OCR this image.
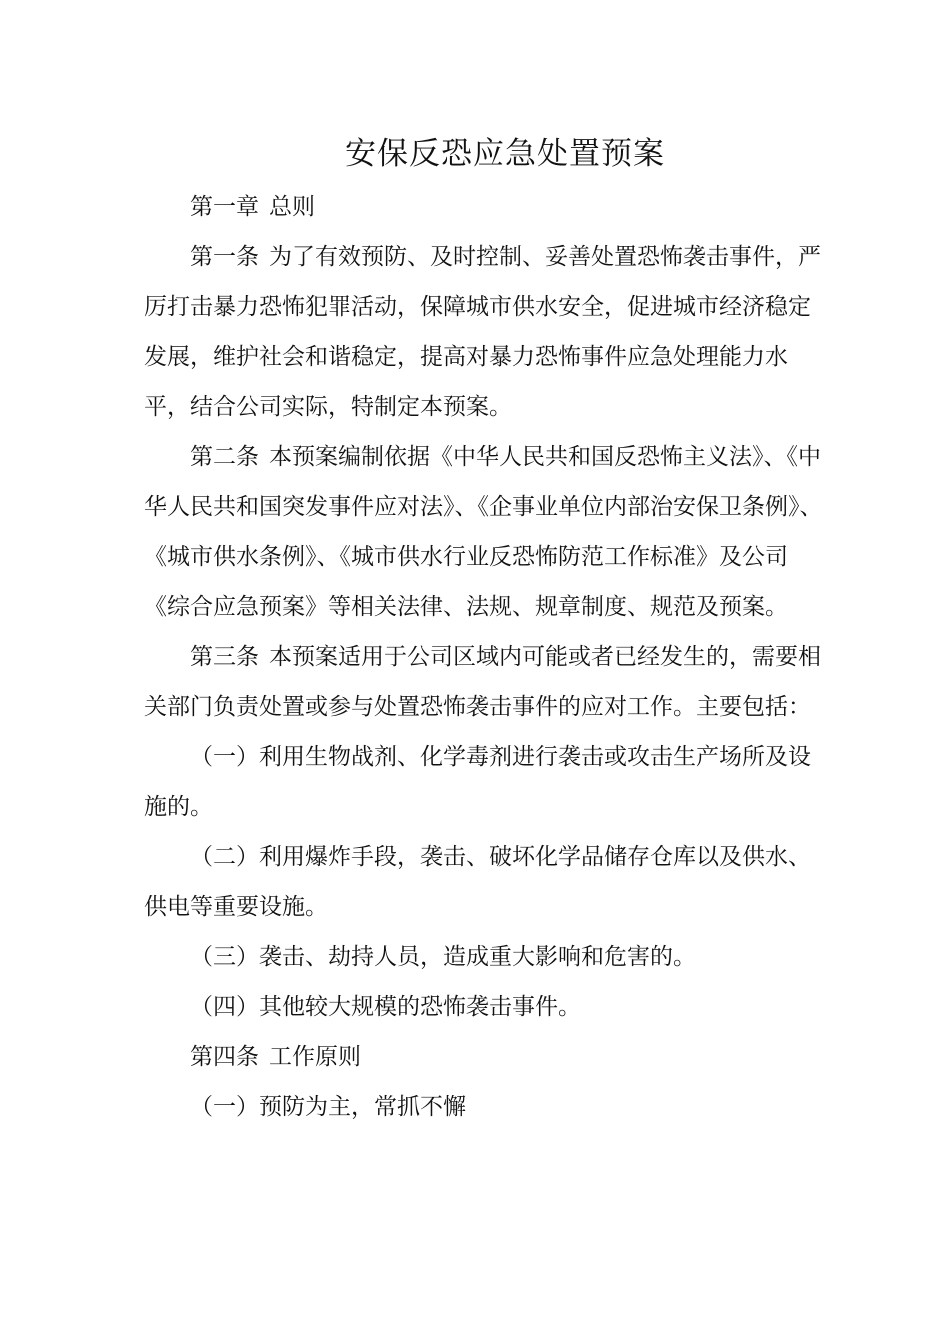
安保反恐应急处置预案

第一章 总则

第一条 为了有效预防、及时控制、妥善处置恐怖袭击事件，严厉打击暴力恐怖犯罪活动，保障城市供水安全，促进城市经济稳定发展，维护社会和谐稳定，提高对暴力恐怖事件应急处理能力水平，结合公司实际，特制定本预案。

第二条 本预案编制依据《中华人民共和国反恐怖主义法》、《中华人民共和国突发事件应对法》、《企事业单位内部治安保卫条例》、《城市供水条例》、《城市供水行业反恐怖防范工作标准》及公司《综合应急预案》等相关法律、法规、规章制度、规范及预案。

第三条 本预案适用于公司区域内可能或者已经发生的，需要相关部门负责处置或参与处置恐怖袭击事件的应对工作。主要包括：

（一）利用生物战剂、化学毒剂进行袭击或攻击生产场所及设施的。

（二）利用爆炸手段，袭击、破坏化学品储存仓库以及供水、供电等重要设施。

（三）袭击、劫持人员，造成重大影响和危害的。

（四）其他较大规模的恐怖袭击事件。

第四条 工作原则

（一）预防为主，常抓不懈
